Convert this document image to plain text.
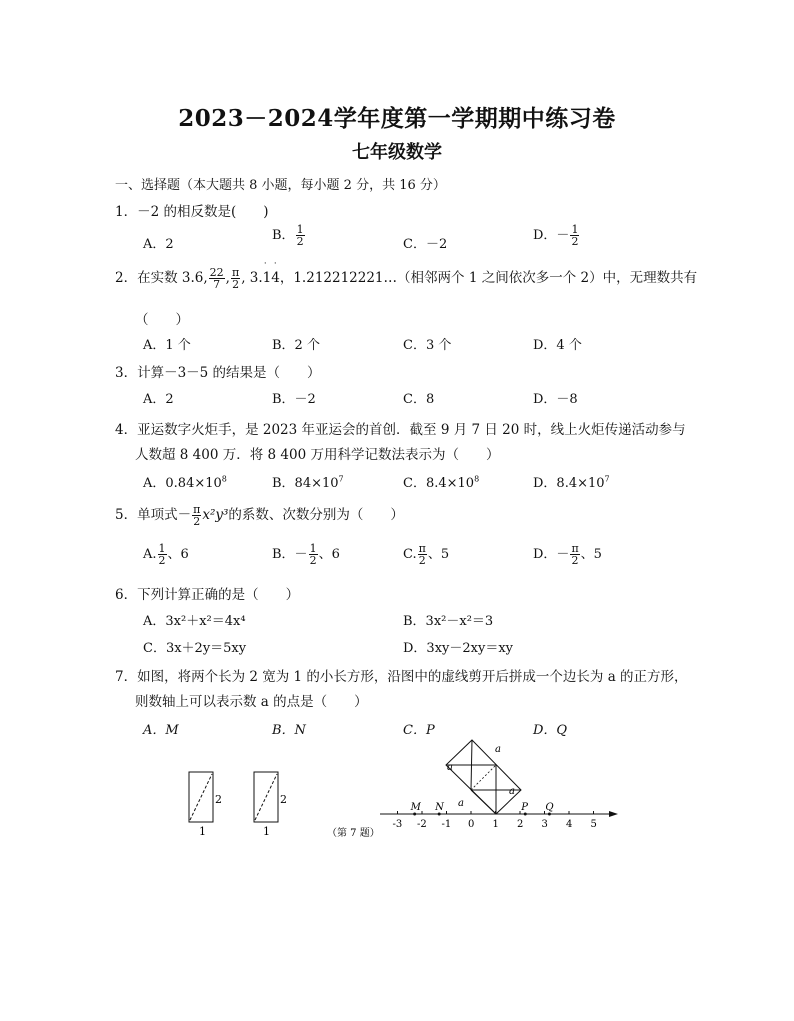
2023－2024学年度第一学期期中练习卷
七年级数学
一、选择题（本大题共 8 小题，每小题 2 分，共 16 分）
1．－2 的相反数是(　　)
A．2
B． $\frac{1}{2}$	C．－2
D．－ $\frac{1}{2}$
2．在实数 3.6, $\frac{22}{7}$ , $\frac{\pi}{2}$ , 3.14
˙ ˙
，1.212212221…（相邻两个 1 之间依次多一个 2）中，无理数共有
（　　）
A．1 个	B．2 个	C．3 个	D．4 个
3．计算－3－5 的结果是（　　）
A．2	B．－2	C．8	D．－8
4．亚运数字火炬手，是 2023 年亚运会的首创．截至 9 月 7 日 20 时，线上火炬传递活动参与
人数超 8 400 万．将 8 400 万用科学记数法表示为（　　）
A．$0.84\times 10^8$	B．$84\times 10^7$	C．$8.4\times 10^8$	D．$8.4\times 10^7$
5．单项式－ $\frac{\pi}{2} x^2y^3$的系数、次数分别为（　　）
A. $\frac{1}{2}$ 、6	B．－ $\frac{1}{2}$ 、6	C. $\frac{\pi}{2}$ 、5	D．－ $\frac{\pi}{2}$ 、5
6．下列计算正确的是（　　）
A．3x²＋x²＝4x⁴	B．3x²－x²＝3
C．3x＋2y＝5xy	D．3xy－2xy＝xy
7．如图，将两个长为 2 宽为 1 的小长方形，沿图中的虚线剪开后拼成一个边长为 a 的正方形，
则数轴上可以表示数 a 的点是（　　）
A．M	B．N	C．P	D．Q
2
1
2
1	（第 7 题）
a
a
a
a
-3 -2 -1 0 1 2 3 4 5
M N	P Q
